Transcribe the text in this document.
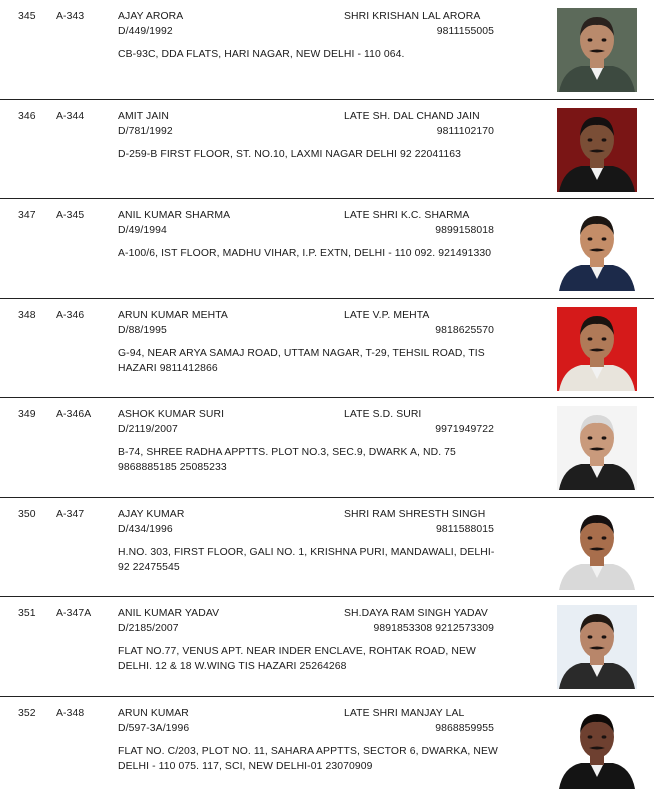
345 A-343	AJAY ARORA
D/449/1992
SHRI KRISHAN LAL ARORA
9811155005
CB-93C, DDA FLATS, HARI NAGAR, NEW DELHI - 110 064.
346 A-344	AMIT JAIN
D/781/1992
LATE SH. DAL CHAND JAIN
9811102170
D-259-B FIRST FLOOR, ST. NO.10, LAXMI NAGAR DELHI 92 22041163
347 A-345	ANIL KUMAR SHARMA
D/49/1994
LATE SHRI K.C. SHARMA
9899158018
A-100/6, IST FLOOR, MADHU VIHAR, I.P. EXTN, DELHI - 110 092. 921491330
348 A-346	ARUN KUMAR MEHTA
D/88/1995
LATE V.P. MEHTA
9818625570
G-94, NEAR ARYA SAMAJ ROAD, UTTAM NAGAR, T-29, TEHSIL ROAD, TIS HAZARI 9811412866
349 A-346A	ASHOK KUMAR SURI
D/2119/2007
LATE S.D. SURI
9971949722
B-74, SHREE RADHA APPTTS. PLOT NO.3, SEC.9, DWARK A, ND. 75 9868885185 25085233
350 A-347	AJAY KUMAR
D/434/1996
SHRI RAM SHRESTH SINGH
9811588015
H.NO. 303, FIRST FLOOR, GALI NO. 1, KRISHNA PURI, MANDAWALI, DELHI-92 22475545
351 A-347A	ANIL KUMAR YADAV
D/2185/2007
SH.DAYA RAM SINGH YADAV
9891853308 9212573309
FLAT NO.77, VENUS APT. NEAR INDER ENCLAVE, ROHTAK ROAD, NEW DELHI. 12 & 18 W.WING TIS HAZARI 25264268
352 A-348	ARUN KUMAR
D/597-3A/1996
LATE SHRI MANJAY LAL
9868859955
FLAT NO. C/203, PLOT NO. 11, SAHARA APPTTS, SECTOR 6, DWARKA, NEW DELHI - 110 075. 117, SCI, NEW DELHI-01 23070909
